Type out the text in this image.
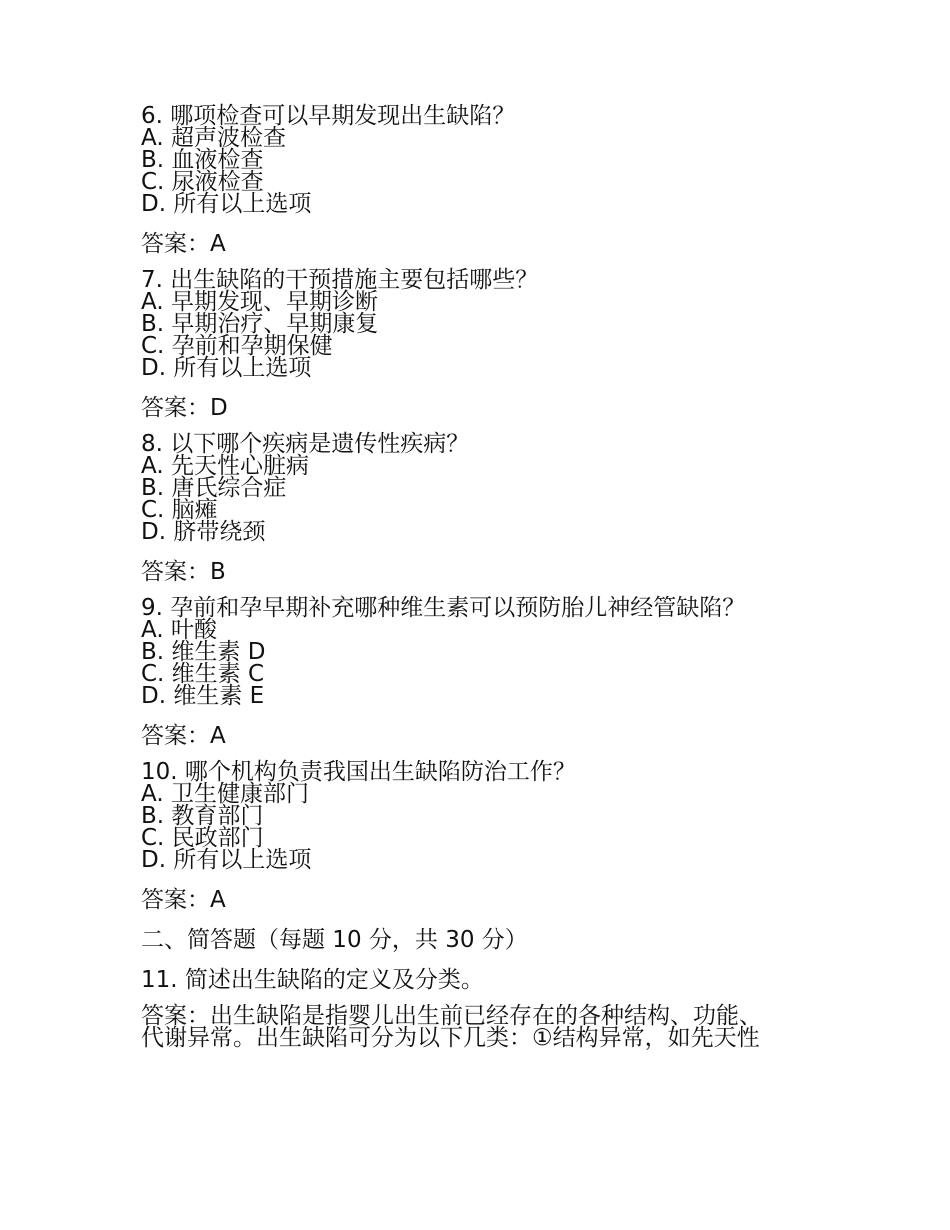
6. 哪项检查可以早期发现出生缺陷？
A. 超声波检查
B. 血液检查
C. 尿液检查
D. 所有以上选项
答案：A
7. 出生缺陷的干预措施主要包括哪些？
A. 早期发现、早期诊断
B. 早期治疗、早期康复
C. 孕前和孕期保健
D. 所有以上选项
答案：D
8. 以下哪个疾病是遗传性疾病？
A. 先天性心脏病
B. 唐氏综合症
C. 脑瘫
D. 脐带绕颈
答案：B
9. 孕前和孕早期补充哪种维生素可以预防胎儿神经管缺陷？
A. 叶酸
B. 维生素 D
C. 维生素 C
D. 维生素 E
答案：A
10. 哪个机构负责我国出生缺陷防治工作？
A. 卫生健康部门
B. 教育部门
C. 民政部门
D. 所有以上选项
答案：A
二、简答题（每题 10 分，共 30 分）
11. 简述出生缺陷的定义及分类。
答案：出生缺陷是指婴儿出生前已经存在的各种结构、功能、
代谢异常。出生缺陷可分为以下几类：①结构异常，如先天性
